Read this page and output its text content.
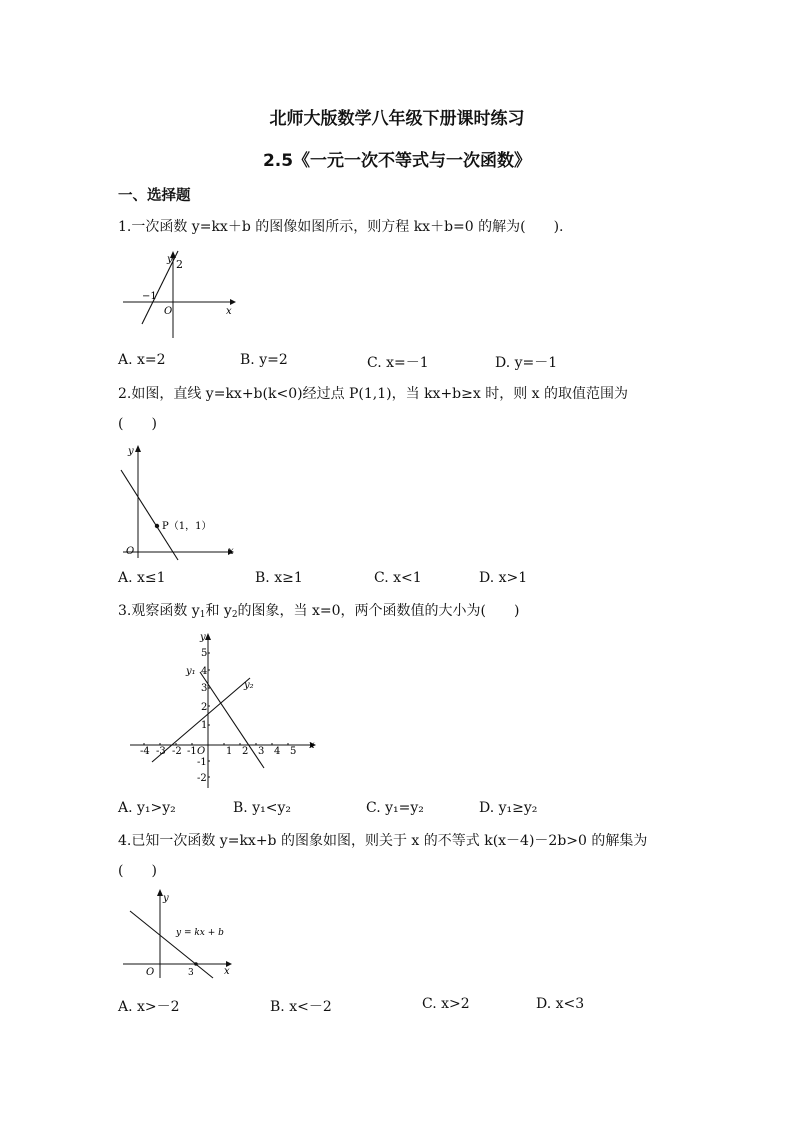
北师大版数学八年级下册课时练习
2.5《一元一次不等式与一次函数》
一、选择题
1.一次函数 y=kx＋b 的图像如图所示，则方程 kx＋b=0 的解为(　　).
y 2
−1
O	x
A. x=2	B. y=2	C. x=－1	D. y=－1
2.如图，直线 y=kx+b(k<0)经过点 P(1,1)，当 kx+b≥x 时，则 x 的取值范围为
(　　)
y
P（1，1）
O	x
A. x≤1	B. x≥1	C. x<1	D. x>1
3.观察函数 $y_1$和 $y_2$的图象，当 x=0，两个函数值的大小为(　　)
y
y₁
y₂
O
x
-4 -3 -2 -1	1 2 3 4 5
5
4
3
2
1
-1
-2
A. y₁>y₂	B. y₁<y₂	C. y₁=y₂	D. y₁≥y₂
4.已知一次函数 y=kx+b 的图象如图，则关于 x 的不等式 k(x－4)－2b>0 的解集为
(　　)
y
y = kx + b
O	3	x
A. x>－2	B. x<－2	C. x>2	D. x<3
